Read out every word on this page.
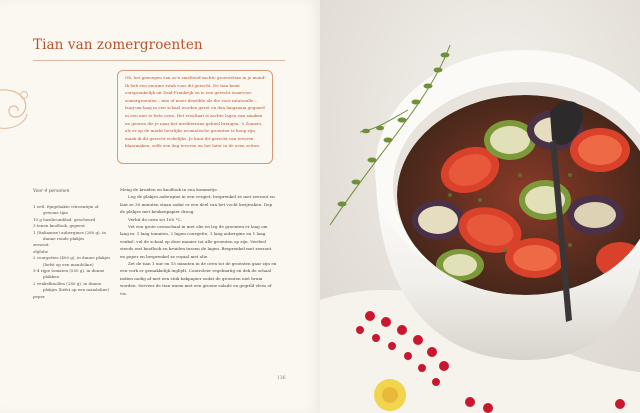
Tian van zomergroenten

Oh, het genoegen van zo'n smeltend-zachte groentetian in je mond! Ik heb een enorme zwak voor dit gerecht. De tian komt oorspronkelijk uit Zuid-Frankrijk en is een gerecht waarvoor zomergroenten – min of meer dezelfde als die voor ratatouille – laag-om-laag in een schaal worden gezet en dan langzaam gegaard in een niet te hete oven. Het resultaat is zachte lagen van smaken en geuren die je naar het mediterrane gebied brengen. 's Zomers, als er op de markt heerlijke aromatische groenten te koop zijn, maak ik dit gerecht wekelijks. Je kunt dit gerecht van tevoren klaarmaken, zelfs een dag tevoren en het later in de oven zetten.

Voor 4 personen
1 eetl. fijngehakte citroentijm of gewone tijm
10 g basilicumblad, gescheurd
3 tenen knoflook, geperst
1 (Italiaanse) aubergines (280 g), in dunne ronde plakjes
zeezout
olijfolie
2 courgettes (400 g), in dunne plakjes (liefst op een mandoline)
3-4 rijpe tomaten (550 g), in dunne plakken
2 venkelknollen (280 g), in dunne plakjes (liefst op een mandoline)
peper

Meng de kruiden en knoflook in een kommetje.

Leg de plakjes aubergine in een vergiet, besprenkel ze met zeezout en laat ze 30 minuten staan zodat er een deel van het vocht kwijtraken. Dep de plakjes met keukenpapier droog.

Verhit de oven tot 160 °C.

Vet een grote ovenschaal in met olie en leg de groenten er laag om laag in: 1 laag tomaten, 2 lagen courgette, 1 laag aubergine en 1 laag venkel: vul de schaal op deze manier tot alle groenten op zijn. Verdeel steeds wat knoflook en kruiden tussen de lagen. Besprenkel met zeezout en peper en besprenkel ze royaal met olie.

Zet de tian 1 uur en 15 minuten in de oven tot de groenten gaar zijn en een vork er gemakkelijk inglijdt. Controleer regelmatig en dek de schaal indien nodig af met een stuk bakpapier zodat de groenten niet bruin worden. Serveer de tian warm met een groene salade en gegrild vlees of vis.

136
